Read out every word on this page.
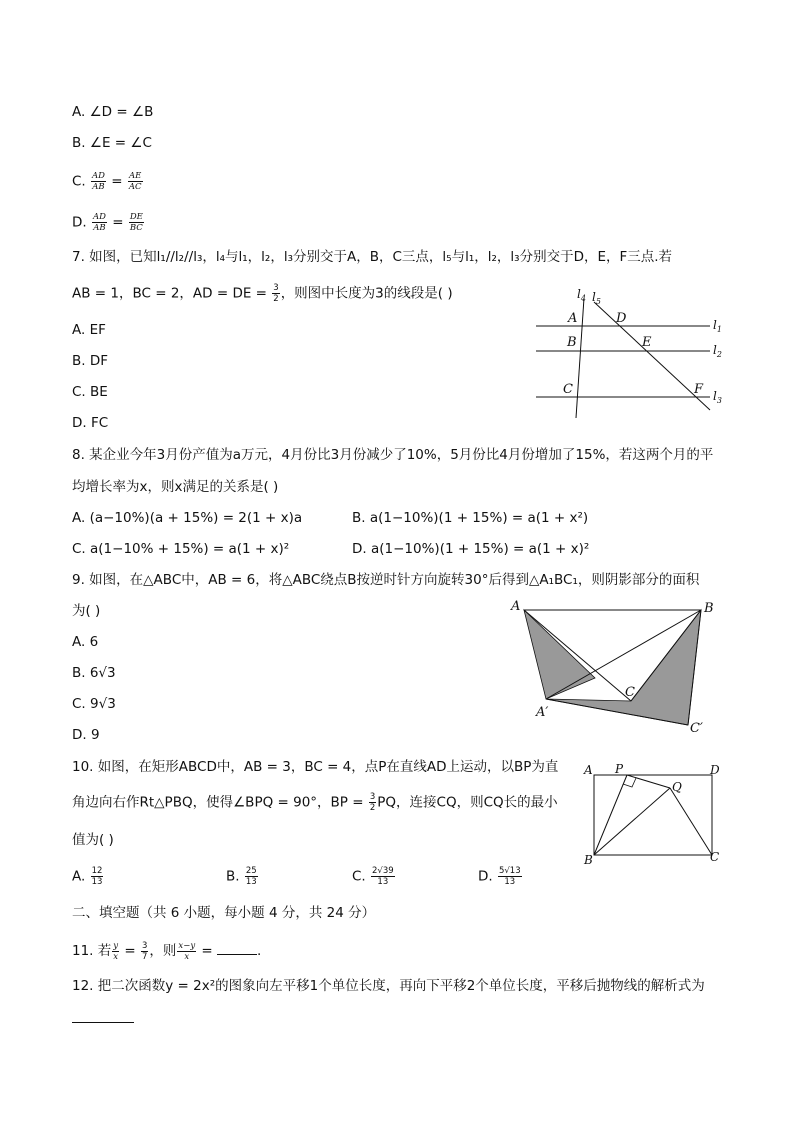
A. ∠D = ∠B
B. ∠E = ∠C
C. $\frac{AD}{AB} = \frac{AE}{AC}$
D. $\frac{AD}{AB} = \frac{DE}{BC}$
7. 如图，已知l₁//l₂//l₃，l₄与l₁，l₂，l₃分别交于A，B，C三点，l₅与l₁，l₂，l₃分别交于D，E，F三点.若
AB = 1，BC = 2，AD = DE = $\frac{3}{2}$ ，则图中长度为3的线段是( )
A. EF
B. DF
C. BE
D. FC
$l_4$ $l_5$
$l_1$
$l_2$
$l_3$
A
B
C
D
E
F
8. 某企业今年3月份产值为a万元，4月份比3月份减少了10%，5月份比4月份增加了15%，若这两个月的平
均增长率为x，则x满足的关系是( )
A. (a−10%)(a + 15%) = 2(1 + x)a	B. a(1−10%)(1 + 15%) = a(1 + x²)
C. a(1−10% + 15%) = a(1 + x)²	D. a(1−10%)(1 + 15%) = a(1 + x)²
9. 如图，在△ABC中，AB = 6，将△ABC绕点B按逆时针方向旋转30°后得到△A₁BC₁，则阴影部分的面积
为( )
A. 6
B. 6√3
C. 9√3
D. 9
A	B
C
A′
C′
10. 如图，在矩形ABCD中，AB = 3，BC = 4，点P在直线AD上运动，以BP为直
角边向右作Rt△PBQ，使得∠BPQ = 90°，BP = $\frac{3}{2}$ PQ，连接CQ，则CQ长的最小
值为( )
A. $\frac{12}{13}$	B. $\frac{25}{13}$	C. $\frac{2√39}{13}$	D. $\frac{5√13}{13}$
A P	D
Q
B	C
二、填空题（共 6 小题，每小题 4 分，共 24 分）
11. 若 $\frac{y}{x} = \frac{3}{7}$ ，则 $\frac{x-y}{x}$ =	.
12. 把二次函数y = 2x²的图象向左平移1个单位长度，再向下平移2个单位长度，平移后抛物线的解析式为
